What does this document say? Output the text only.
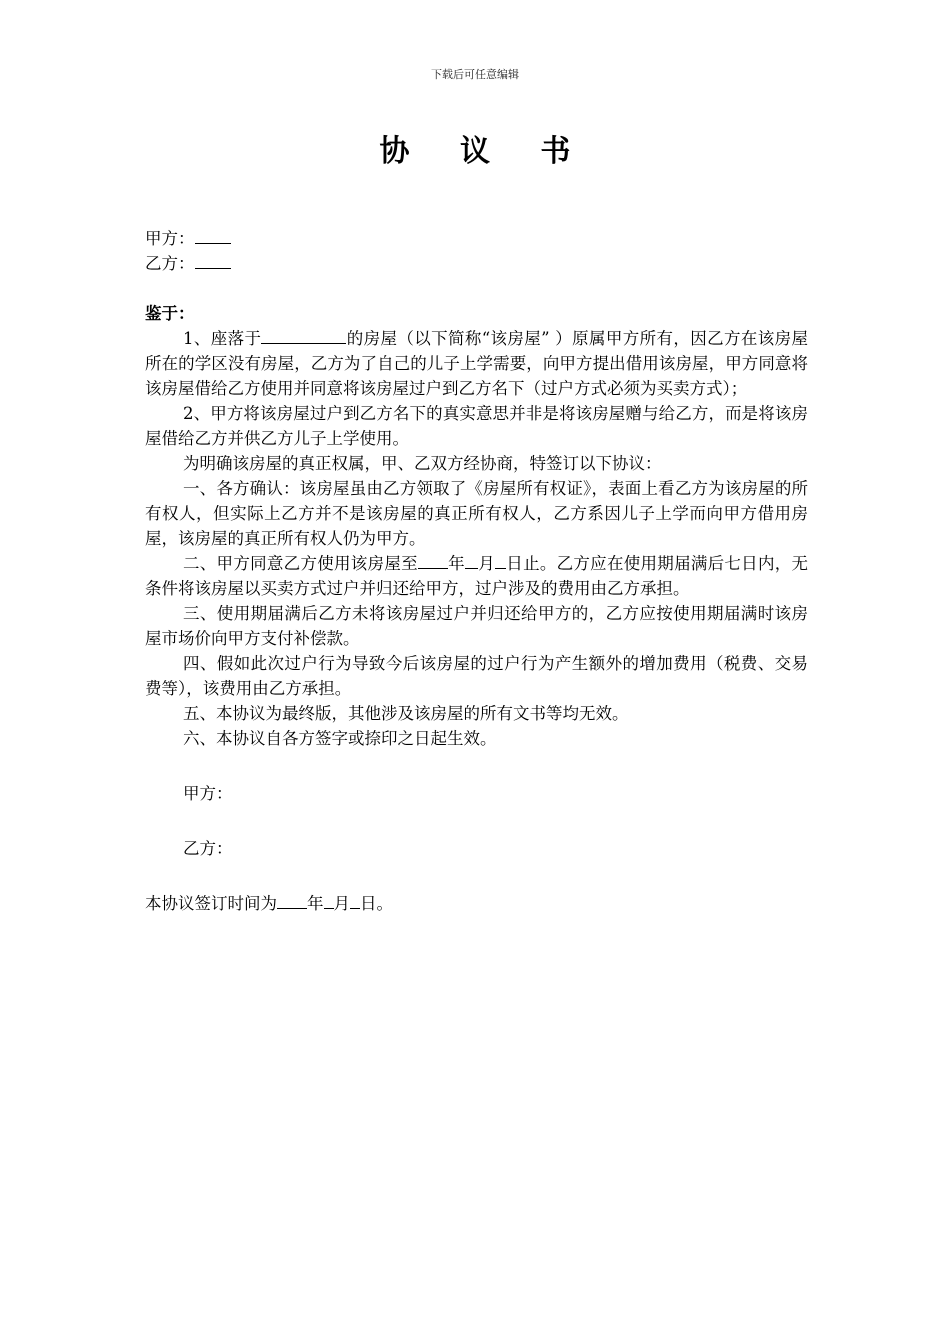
下载后可任意编辑
协 议 书
甲方：
乙方：
鉴于：
1、座落于	的房屋（以下简称“该房屋” ）原属甲方所有，因乙方在该房屋所在的学区没有房屋，乙方为了自己的儿子上学需要，向甲方提出借用该房屋，甲方同意将该房屋借给乙方使用并同意将该房屋过户到乙方名下（过户方式必须为买卖方式）；
2、甲方将该房屋过户到乙方名下的真实意思并非是将该房屋赠与给乙方，而是将该房屋借给乙方并供乙方儿子上学使用。
为明确该房屋的真正权属，甲、乙双方经协商，特签订以下协议：
一、各方确认：该房屋虽由乙方领取了《房屋所有权证》，表面上看乙方为该房屋的所有权人，但实际上乙方并不是该房屋的真正所有权人，乙方系因儿子上学而向甲方借用房屋，该房屋的真正所有权人仍为甲方。
二、甲方同意乙方使用该房屋至 年 月 日止。乙方应在使用期届满后七日内，无条件将该房屋以买卖方式过户并归还给甲方，过户涉及的费用由乙方承担。
三、使用期届满后乙方未将该房屋过户并归还给甲方的，乙方应按使用期届满时该房屋市场价向甲方支付补偿款。
四、假如此次过户行为导致今后该房屋的过户行为产生额外的增加费用（税费、交易费等），该费用由乙方承担。
五、本协议为最终版，其他涉及该房屋的所有文书等均无效。
六、本协议自各方签字或捺印之日起生效。
甲方：
乙方：
本协议签订时间为 年 月 日。
